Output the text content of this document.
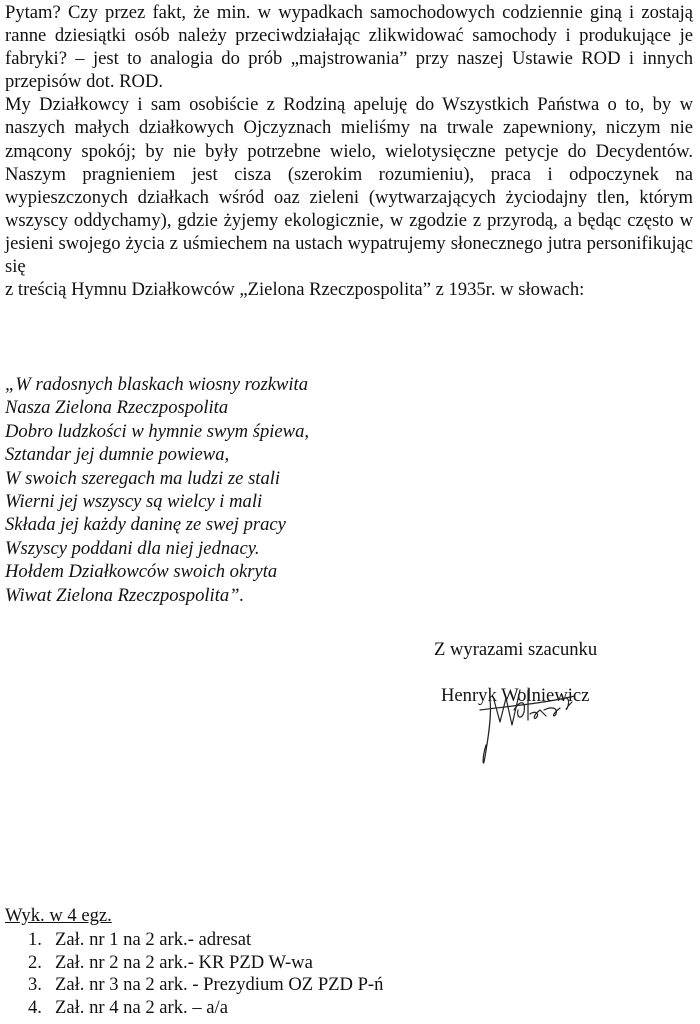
Pytam? Czy przez fakt, że min. w wypadkach samochodowych codziennie giną i zostają ranne dziesiątki osób należy przeciwdziałając zlikwidować samochody i produkujące je fabryki? – jest to analogia do prób „majstrowania” przy naszej Ustawie ROD i innych przepisów dot. ROD.

My Działkowcy i sam osobiście z Rodziną apeluję do Wszystkich Państwa o to, by w naszych małych działkowych Ojczyznach mieliśmy na trwale zapewniony, niczym nie zmącony spokój; by nie były potrzebne wielo, wielotysięczne petycje do Decydentów. Naszym pragnieniem jest cisza (szerokim rozumieniu), praca i odpoczynek na wypieszczonych działkach wśród oaz zieleni (wytwarzających życiodajny tlen, którym wszyscy oddychamy), gdzie żyjemy ekologicznie, w zgodzie z przyrodą, a będąc często w jesieni swojego życia z uśmiechem na ustach wypatrujemy słonecznego jutra personifikując się

z treścią Hymnu Działkowców „Zielona Rzeczpospolita” z 1935r. w słowach:

„W radosnych blaskach wiosny rozkwita
Nasza Zielona Rzeczpospolita
Dobro ludzkości w hymnie swym śpiewa,
Sztandar jej dumnie powiewa,
W swoich szeregach ma ludzi ze stali
Wierni jej wszyscy są wielcy i mali
Składa jej każdy daninę ze swej pracy
Wszyscy poddani dla niej jednacy.
Hołdem Działkowców swoich okryta
Wiwat Zielona Rzeczpospolita”.
Z wyrazami szacunku
Henryk Wolniewicz
Wyk. w 4 egz.
1. Zał. nr 1 na 2 ark.- adresat
2. Zał. nr 2 na 2 ark.- KR PZD W-wa
3. Zał. nr 3 na 2 ark. - Prezydium OZ PZD P-ń
4. Zał. nr 4 na 2 ark. – a/a
